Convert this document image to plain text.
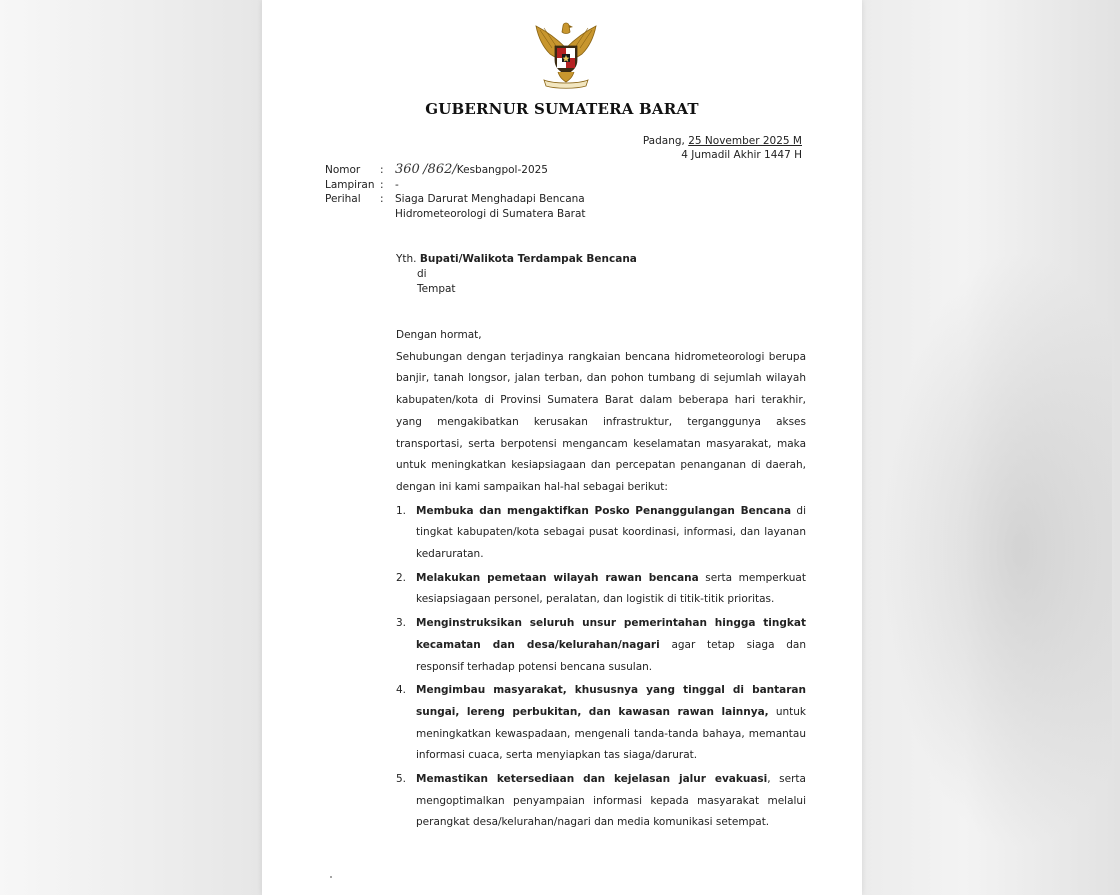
GUBERNUR SUMATERA BARAT
Padang, 25 November 2025 M
4 Jumadil Akhir 1447 H
Nomor	: 360 /862/Kesbangpol-2025
Lampiran :	-
Perihal	:	Siaga Darurat Menghadapi Bencana
Hidrometeorologi di Sumatera Barat
Yth. Bupati/Walikota Terdampak Bencana
di
Tempat
Dengan hormat,
Sehubungan dengan terjadinya rangkaian bencana hidrometeorologi berupa banjir, tanah longsor, jalan terban, dan pohon tumbang di sejumlah wilayah kabupaten/kota di Provinsi Sumatera Barat dalam beberapa hari terakhir, yang mengakibatkan kerusakan infrastruktur, terganggunya akses transportasi, serta berpotensi mengancam keselamatan masyarakat, maka untuk meningkatkan kesiapsiagaan dan percepatan penanganan di daerah, dengan ini kami sampaikan hal-hal sebagai berikut:
1. Membuka dan mengaktifkan Posko Penanggulangan Bencana di tingkat kabupaten/kota sebagai pusat koordinasi, informasi, dan layanan kedaruratan.
2. Melakukan pemetaan wilayah rawan bencana serta memperkuat kesiapsiagaan personel, peralatan, dan logistik di titik-titik prioritas.
3. Menginstruksikan seluruh unsur pemerintahan hingga tingkat kecamatan dan desa/kelurahan/nagari agar tetap siaga dan responsif terhadap potensi bencana susulan.
4. Mengimbau masyarakat, khususnya yang tinggal di bantaran sungai, lereng perbukitan, dan kawasan rawan lainnya, untuk meningkatkan kewaspadaan, mengenali tanda-tanda bahaya, memantau informasi cuaca, serta menyiapkan tas siaga/darurat.
5. Memastikan ketersediaan dan kejelasan jalur evakuasi, serta mengoptimalkan penyampaian informasi kepada masyarakat melalui perangkat desa/kelurahan/nagari dan media komunikasi setempat.
